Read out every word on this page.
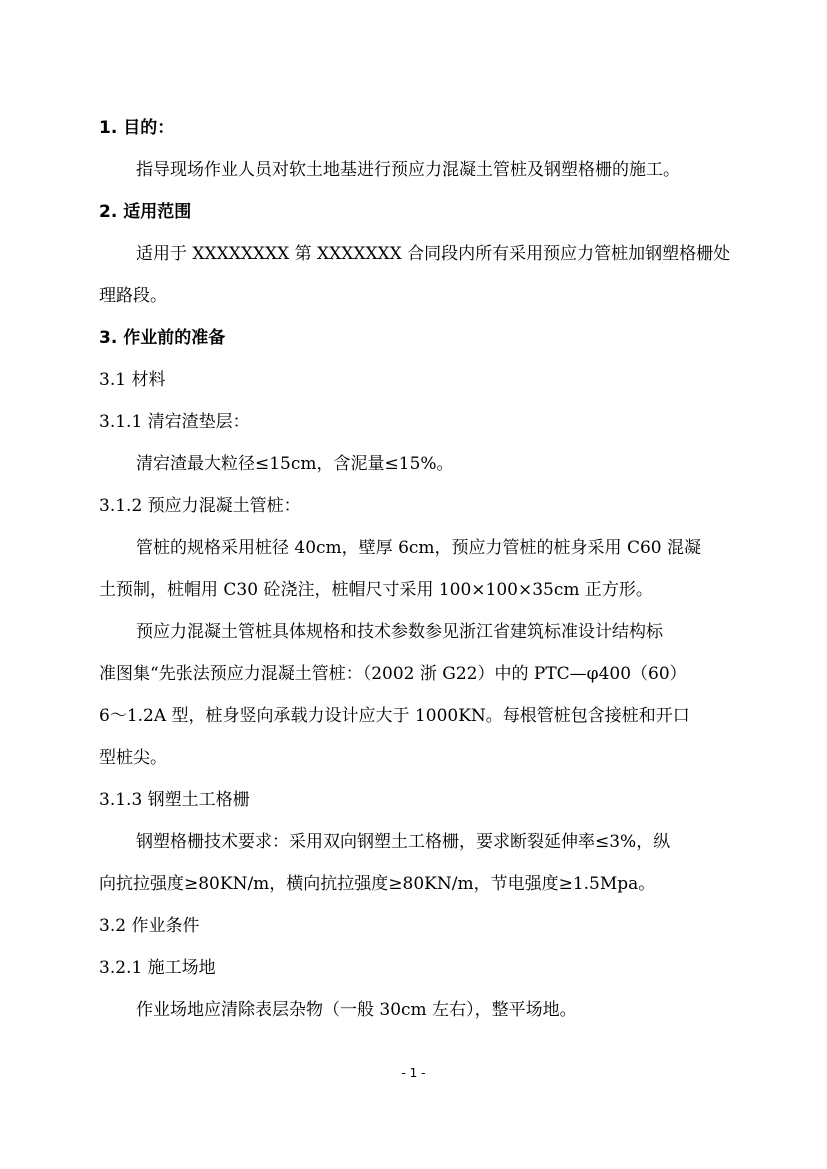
1. 目的：
指导现场作业人员对软土地基进行预应力混凝土管桩及钢塑格栅的施工。
2. 适用范围
适用于 XXXXXXXX 第 XXXXXXX 合同段内所有采用预应力管桩加钢塑格栅处
理路段。
3. 作业前的准备
3.1 材料
3.1.1 清宕渣垫层：
清宕渣最大粒径≤15cm，含泥量≤15%。
3.1.2 预应力混凝土管桩：
管桩的规格采用桩径 40cm，壁厚 6cm，预应力管桩的桩身采用 C60 混凝
土预制，桩帽用 C30 砼浇注，桩帽尺寸采用 100×100×35cm 正方形。
预应力混凝土管桩具体规格和技术参数参见浙江省建筑标准设计结构标
准图集“先张法预应力混凝土管桩：（2002 浙 G22）中的 PTC—φ400（60）
6～1.2A 型，桩身竖向承载力设计应大于 1000KN。每根管桩包含接桩和开口
型桩尖。
3.1.3 钢塑土工格栅
钢塑格栅技术要求：采用双向钢塑土工格栅，要求断裂延伸率≤3%，纵
向抗拉强度≥80KN/m，横向抗拉强度≥80KN/m，节电强度≥1.5Mpa。
3.2 作业条件
3.2.1 施工场地
作业场地应清除表层杂物（一般 30cm 左右），整平场地。
- 1 -
